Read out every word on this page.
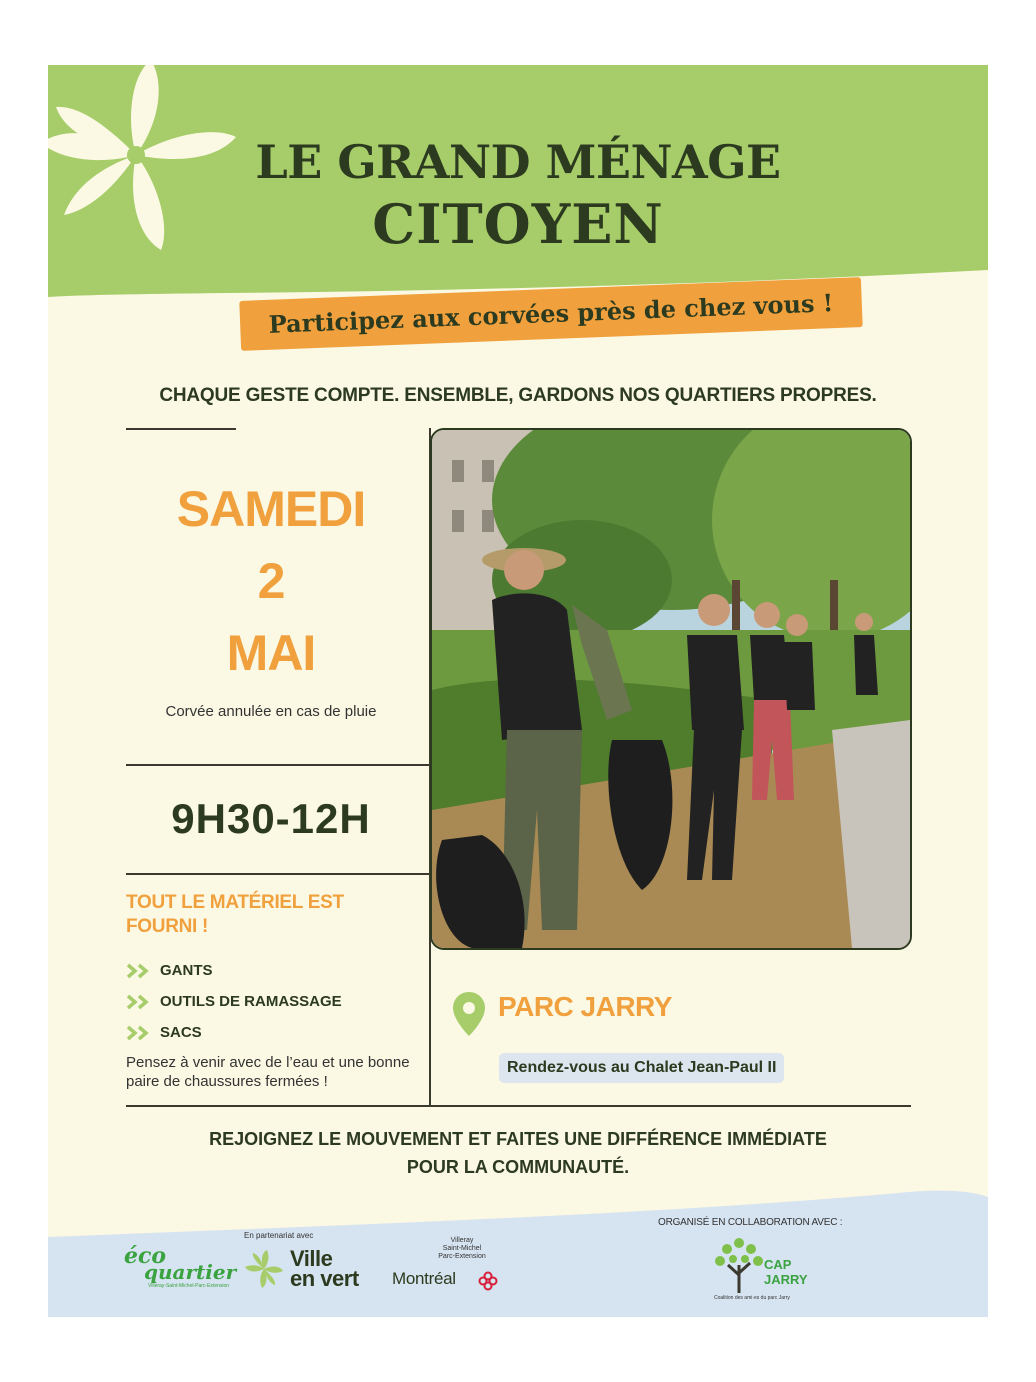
LE GRAND MÉNAGE
CITOYEN
Participez aux corvées près de chez vous !
CHAQUE GESTE COMPTE. ENSEMBLE, GARDONS NOS QUARTIERS PROPRES.
SAMEDI
2
MAI
Corvée annulée en cas de pluie
9H30-12H
TOUT LE MATÉRIEL EST FOURNI !
GANTS
OUTILS DE RAMASSAGE
SACS
Pensez à venir avec de l’eau et une bonne paire de chaussures fermées !
PARC JARRY
Rendez-vous au Chalet Jean-Paul II
REJOIGNEZ LE MOUVEMENT ET FAITES UNE DIFFÉRENCE IMMÉDIATE
POUR LA COMMUNAUTÉ.
En partenariat avec
ORGANISÉ EN COLLABORATION AVEC :
éco
quartier
Villeray-Saint-Michel-Parc-Extension
Ville
en vert
Villeray
Saint-Michel
Parc-Extension
Montréal
CAP
JARRY
Coalition des ami·es du parc Jarry
